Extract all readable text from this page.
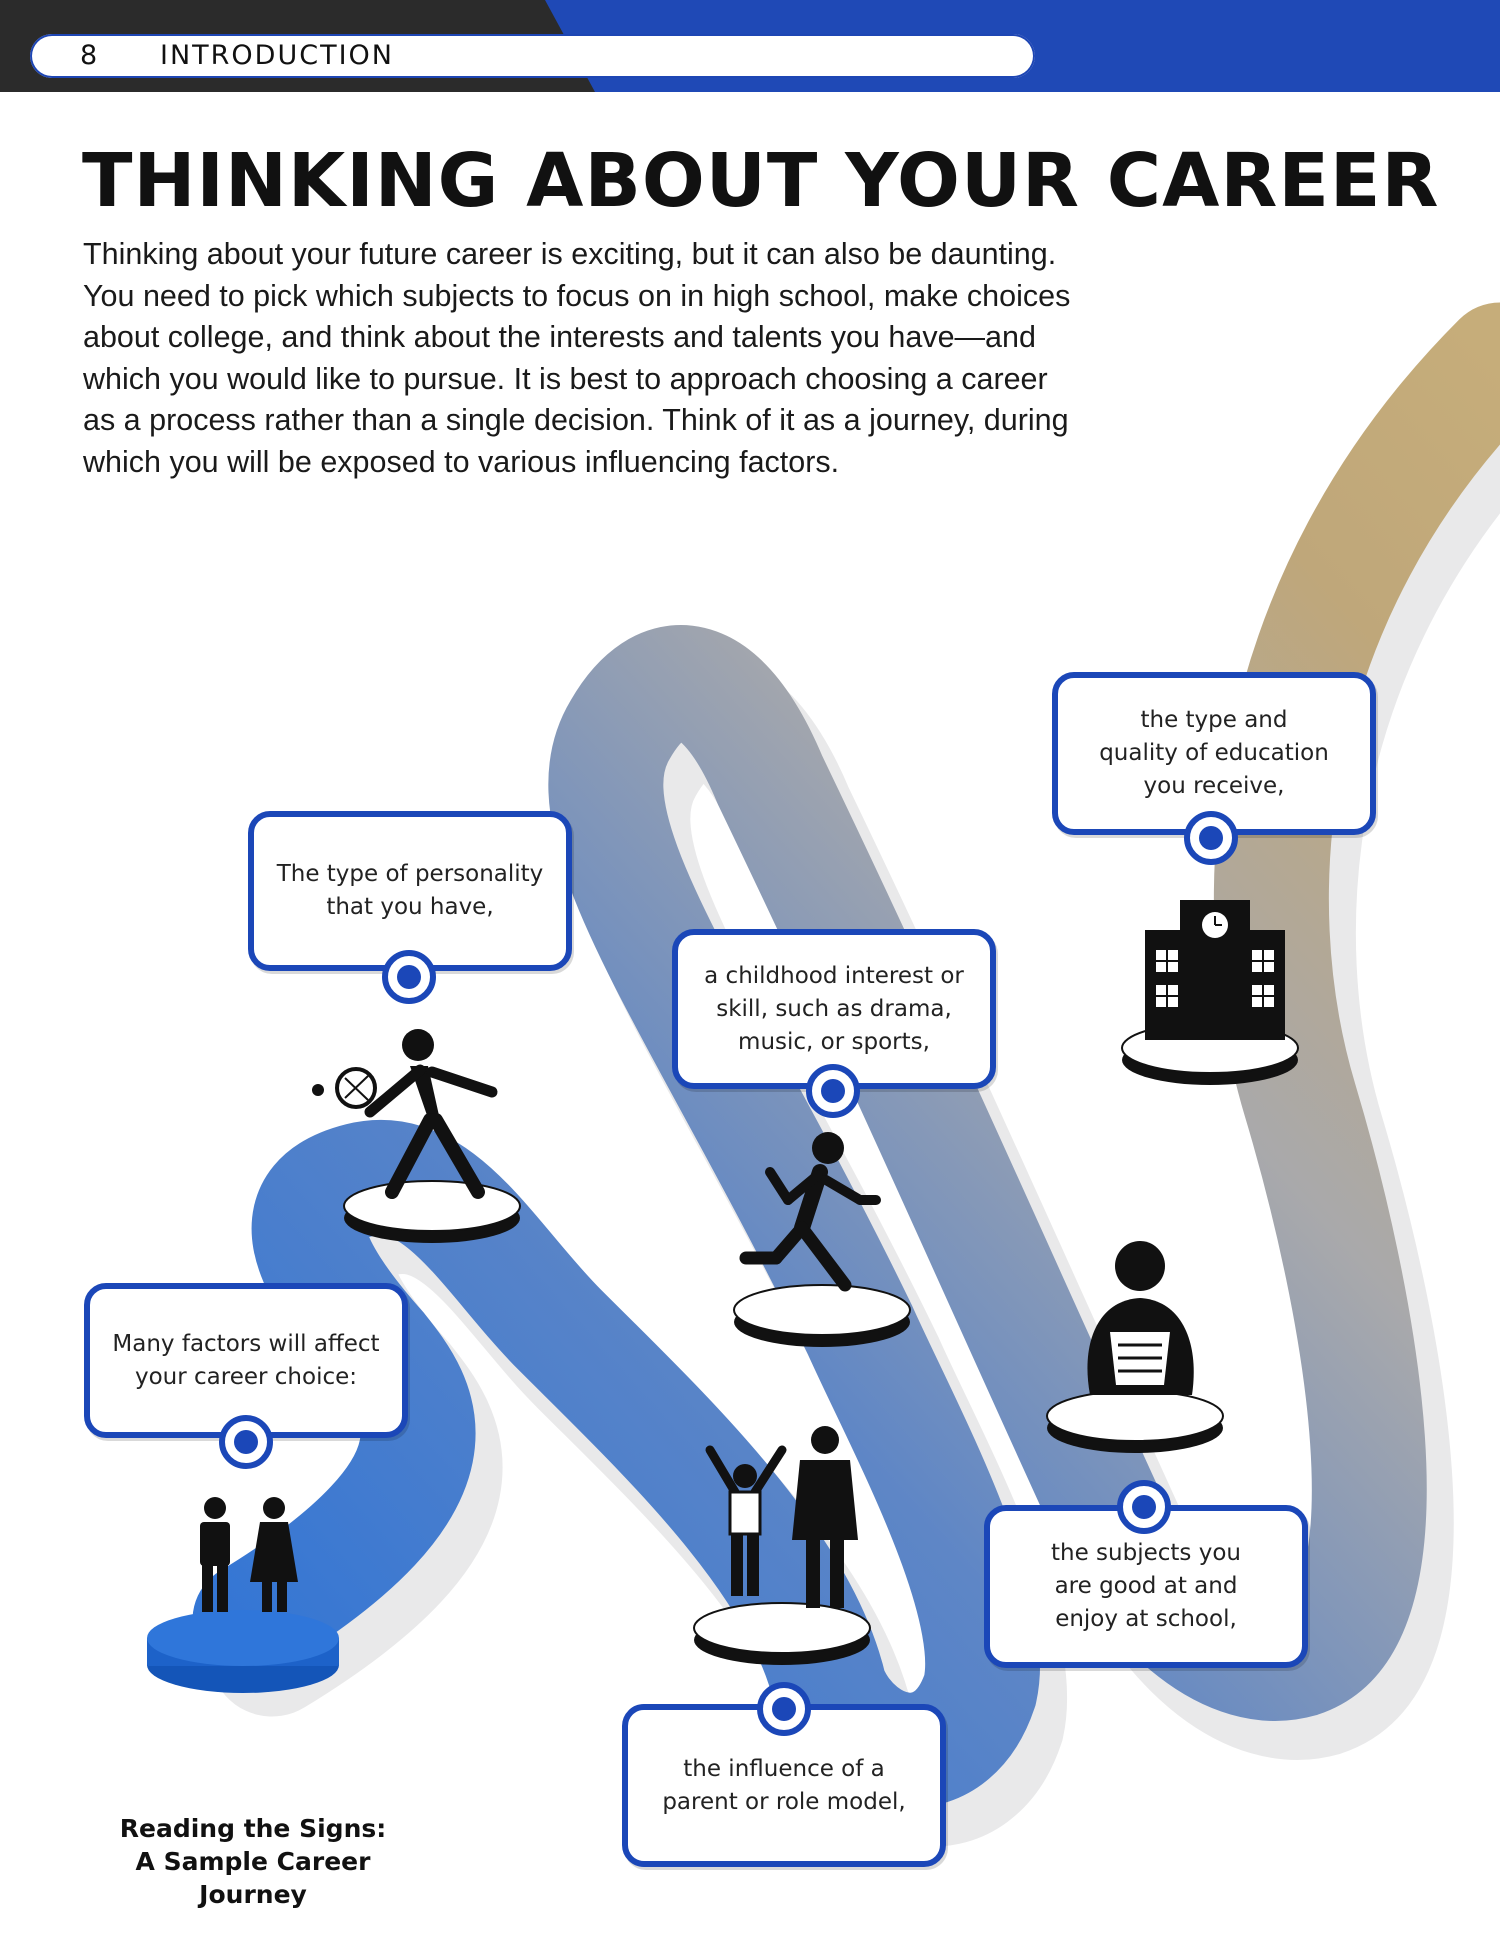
8 INTRODUCTION
THINKING ABOUT YOUR CAREER
Thinking about your future career is exciting, but it can also be daunting.
You need to pick which subjects to focus on in high school, make choices
about college, and think about the interests and talents you have—and
which you would like to pursue. It is best to approach choosing a career
as a process rather than a single decision. Think of it as a journey, during
which you will be exposed to various influencing factors.
Many factors will affect
your career choice:
The type of personality
that you have,
a childhood interest or
skill, such as drama,
music, or sports,
the influence of a
parent or role model,
the subjects you
are good at and
enjoy at school,
the type and
quality of education
you receive,
Reading the Signs:
A Sample Career Journey
